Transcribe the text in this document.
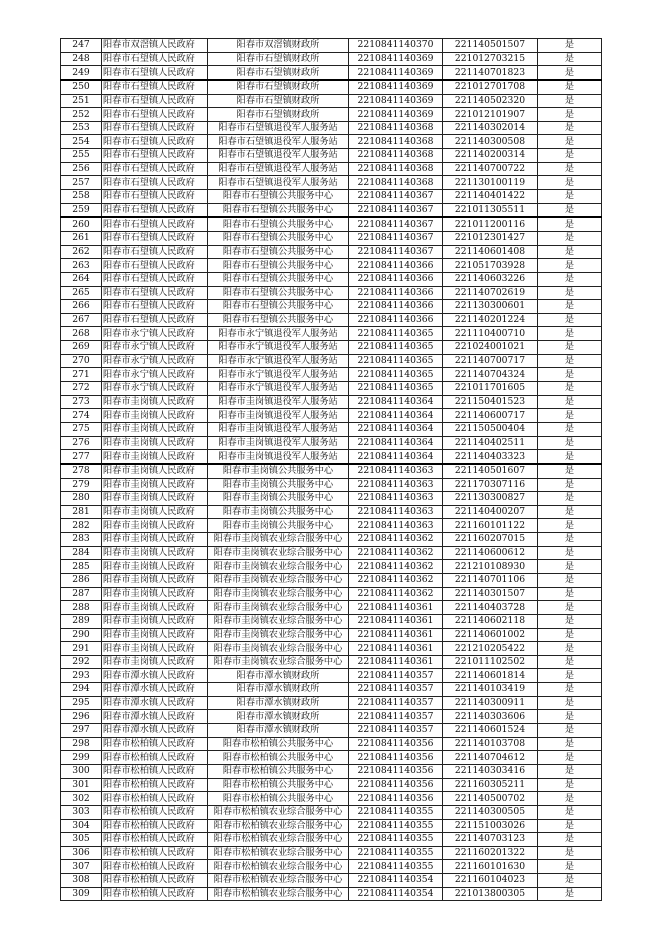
247	阳春市双滘镇人民政府	阳春市双滘镇财政所	2210841140370	221140501507	是
248	阳春市石望镇人民政府	阳春市石望镇财政所	2210841140369	221012703215	是
249	阳春市石望镇人民政府	阳春市石望镇财政所	2210841140369	221140701823	是
250	阳春市石望镇人民政府	阳春市石望镇财政所	2210841140369	221012701708	是
251	阳春市石望镇人民政府	阳春市石望镇财政所	2210841140369	221140502320	是
252	阳春市石望镇人民政府	阳春市石望镇财政所	2210841140369	221012101907	是
253	阳春市石望镇人民政府	阳春市石望镇退役军人服务站	2210841140368	221140302014	是
254	阳春市石望镇人民政府	阳春市石望镇退役军人服务站	2210841140368	221140300508	是
255	阳春市石望镇人民政府	阳春市石望镇退役军人服务站	2210841140368	221140200314	是
256	阳春市石望镇人民政府	阳春市石望镇退役军人服务站	2210841140368	221140700722	是
257	阳春市石望镇人民政府	阳春市石望镇退役军人服务站	2210841140368	221130100119	是
258	阳春市石望镇人民政府	阳春市石望镇公共服务中心	2210841140367	221140401422	是
259	阳春市石望镇人民政府	阳春市石望镇公共服务中心	2210841140367	221011305511	是
260	阳春市石望镇人民政府	阳春市石望镇公共服务中心	2210841140367	221011200116	是
261	阳春市石望镇人民政府	阳春市石望镇公共服务中心	2210841140367	221012301427	是
262	阳春市石望镇人民政府	阳春市石望镇公共服务中心	2210841140367	221140601408	是
263	阳春市石望镇人民政府	阳春市石望镇公共服务中心	2210841140366	221051703928	是
264	阳春市石望镇人民政府	阳春市石望镇公共服务中心	2210841140366	221140603226	是
265	阳春市石望镇人民政府	阳春市石望镇公共服务中心	2210841140366	221140702619	是
266	阳春市石望镇人民政府	阳春市石望镇公共服务中心	2210841140366	221130300601	是
267	阳春市石望镇人民政府	阳春市石望镇公共服务中心	2210841140366	221140201224	是
268	阳春市永宁镇人民政府	阳春市永宁镇退役军人服务站	2210841140365	221110400710	是
269	阳春市永宁镇人民政府	阳春市永宁镇退役军人服务站	2210841140365	221024001021	是
270	阳春市永宁镇人民政府	阳春市永宁镇退役军人服务站	2210841140365	221140700717	是
271	阳春市永宁镇人民政府	阳春市永宁镇退役军人服务站	2210841140365	221140704324	是
272	阳春市永宁镇人民政府	阳春市永宁镇退役军人服务站	2210841140365	221011701605	是
273	阳春市圭岗镇人民政府	阳春市圭岗镇退役军人服务站	2210841140364	221150401523	是
274	阳春市圭岗镇人民政府	阳春市圭岗镇退役军人服务站	2210841140364	221140600717	是
275	阳春市圭岗镇人民政府	阳春市圭岗镇退役军人服务站	2210841140364	221150500404	是
276	阳春市圭岗镇人民政府	阳春市圭岗镇退役军人服务站	2210841140364	221140402511	是
277	阳春市圭岗镇人民政府	阳春市圭岗镇退役军人服务站	2210841140364	221140403323	是
278	阳春市圭岗镇人民政府	阳春市圭岗镇公共服务中心	2210841140363	221140501607	是
279	阳春市圭岗镇人民政府	阳春市圭岗镇公共服务中心	2210841140363	221170307116	是
280	阳春市圭岗镇人民政府	阳春市圭岗镇公共服务中心	2210841140363	221130300827	是
281	阳春市圭岗镇人民政府	阳春市圭岗镇公共服务中心	2210841140363	221140400207	是
282	阳春市圭岗镇人民政府	阳春市圭岗镇公共服务中心	2210841140363	221160101122	是
283	阳春市圭岗镇人民政府	阳春市圭岗镇农业综合服务中心	2210841140362	221160207015	是
284	阳春市圭岗镇人民政府	阳春市圭岗镇农业综合服务中心	2210841140362	221140600612	是
285	阳春市圭岗镇人民政府	阳春市圭岗镇农业综合服务中心	2210841140362	221210108930	是
286	阳春市圭岗镇人民政府	阳春市圭岗镇农业综合服务中心	2210841140362	221140701106	是
287	阳春市圭岗镇人民政府	阳春市圭岗镇农业综合服务中心	2210841140362	221140301507	是
288	阳春市圭岗镇人民政府	阳春市圭岗镇农业综合服务中心	2210841140361	221140403728	是
289	阳春市圭岗镇人民政府	阳春市圭岗镇农业综合服务中心	2210841140361	221140602118	是
290	阳春市圭岗镇人民政府	阳春市圭岗镇农业综合服务中心	2210841140361	221140601002	是
291	阳春市圭岗镇人民政府	阳春市圭岗镇农业综合服务中心	2210841140361	221210205422	是
292	阳春市圭岗镇人民政府	阳春市圭岗镇农业综合服务中心	2210841140361	221011102502	是
293	阳春市潭水镇人民政府	阳春市潭水镇财政所	2210841140357	221140601814	是
294	阳春市潭水镇人民政府	阳春市潭水镇财政所	2210841140357	221140103419	是
295	阳春市潭水镇人民政府	阳春市潭水镇财政所	2210841140357	221140300911	是
296	阳春市潭水镇人民政府	阳春市潭水镇财政所	2210841140357	221140303606	是
297	阳春市潭水镇人民政府	阳春市潭水镇财政所	2210841140357	221140601524	是
298	阳春市松柏镇人民政府	阳春市松柏镇公共服务中心	2210841140356	221140103708	是
299	阳春市松柏镇人民政府	阳春市松柏镇公共服务中心	2210841140356	221140704612	是
300	阳春市松柏镇人民政府	阳春市松柏镇公共服务中心	2210841140356	221140303416	是
301	阳春市松柏镇人民政府	阳春市松柏镇公共服务中心	2210841140356	221160305211	是
302	阳春市松柏镇人民政府	阳春市松柏镇公共服务中心	2210841140356	221140500702	是
303	阳春市松柏镇人民政府	阳春市松柏镇农业综合服务中心	2210841140355	221140300505	是
304	阳春市松柏镇人民政府	阳春市松柏镇农业综合服务中心	2210841140355	221151003026	是
305	阳春市松柏镇人民政府	阳春市松柏镇农业综合服务中心	2210841140355	221140703123	是
306	阳春市松柏镇人民政府	阳春市松柏镇农业综合服务中心	2210841140355	221160201322	是
307	阳春市松柏镇人民政府	阳春市松柏镇农业综合服务中心	2210841140355	221160101630	是
308	阳春市松柏镇人民政府	阳春市松柏镇农业综合服务中心	2210841140354	221160104023	是
309	阳春市松柏镇人民政府	阳春市松柏镇农业综合服务中心	2210841140354	221013800305	是
